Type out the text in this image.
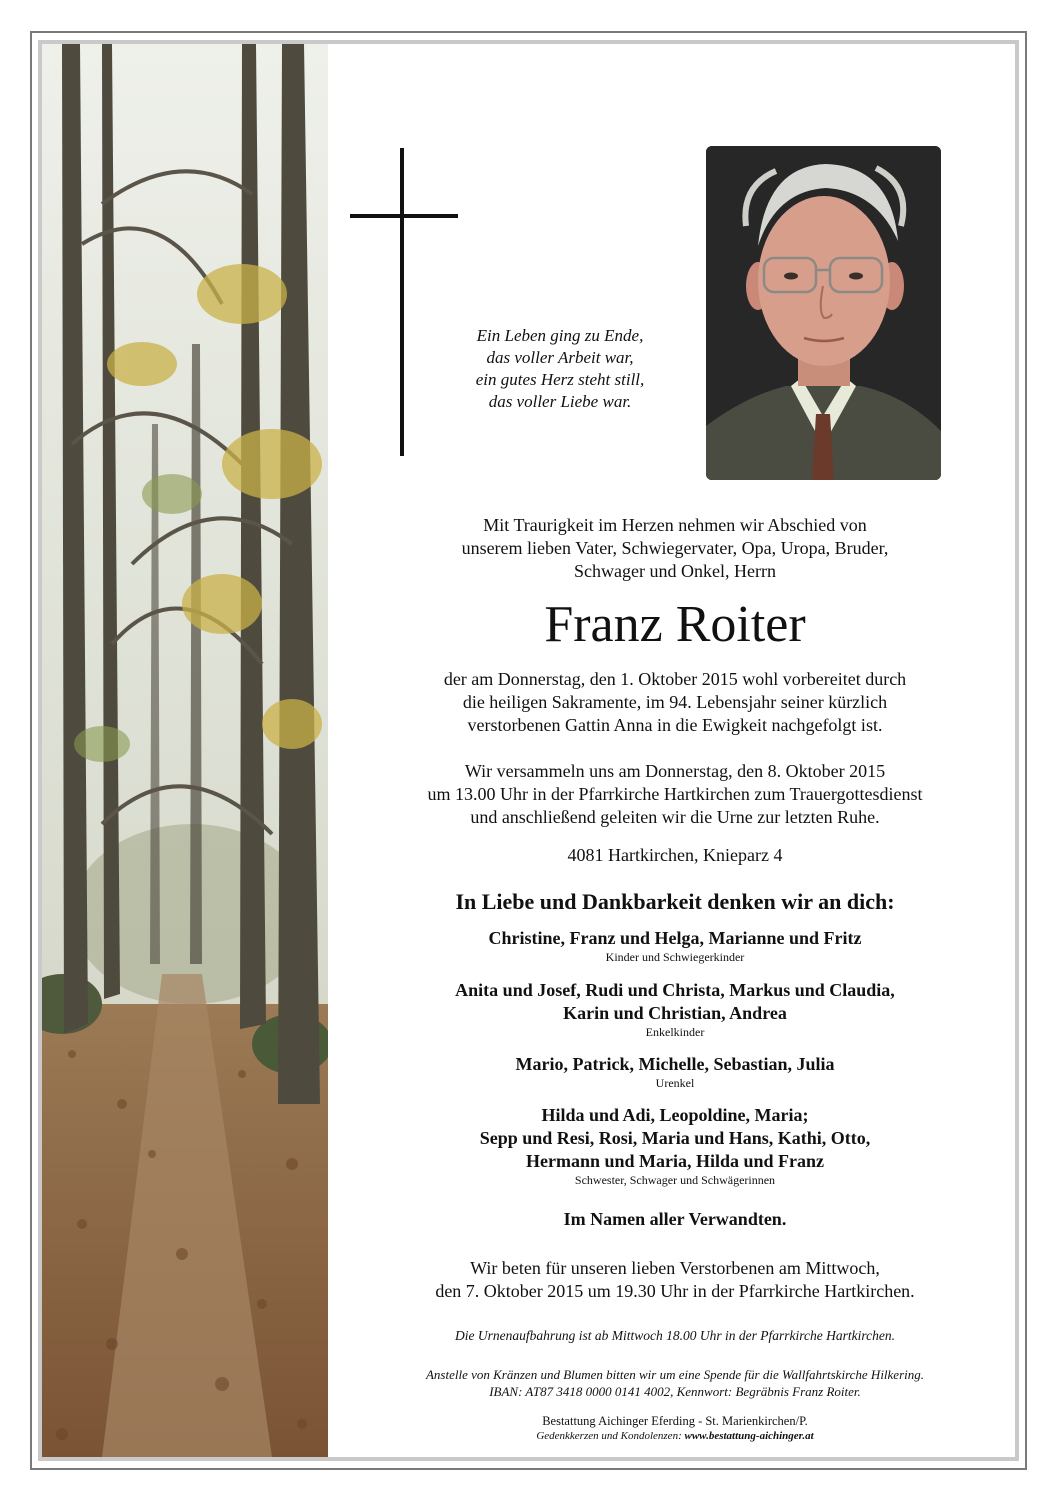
Ein Leben ging zu Ende,
das voller Arbeit war,
ein gutes Herz steht still,
das voller Liebe war.
Mit Traurigkeit im Herzen nehmen wir Abschied von
unserem lieben Vater, Schwiegervater, Opa, Uropa, Bruder,
Schwager und Onkel, Herrn
Franz Roiter
der am Donnerstag, den 1. Oktober 2015 wohl vorbereitet durch
die heiligen Sakramente, im 94. Lebensjahr seiner kürzlich
verstorbenen Gattin Anna in die Ewigkeit nachgefolgt ist.
Wir versammeln uns am Donnerstag, den 8. Oktober 2015
um 13.00 Uhr in der Pfarrkirche Hartkirchen zum Trauergottesdienst
und anschließend geleiten wir die Urne zur letzten Ruhe.
4081 Hartkirchen, Knieparz 4
In Liebe und Dankbarkeit denken wir an dich:
Christine, Franz und Helga, Marianne und Fritz
Kinder und Schwiegerkinder
Anita und Josef, Rudi und Christa, Markus und Claudia,
Karin und Christian, Andrea
Enkelkinder
Mario, Patrick, Michelle, Sebastian, Julia
Urenkel
Hilda und Adi, Leopoldine, Maria;
Sepp und Resi, Rosi, Maria und Hans, Kathi, Otto,
Hermann und Maria, Hilda und Franz
Schwester, Schwager und Schwägerinnen
Im Namen aller Verwandten.
Wir beten für unseren lieben Verstorbenen am Mittwoch,
den 7. Oktober 2015 um 19.30 Uhr in der Pfarrkirche Hartkirchen.
Die Urnenaufbahrung ist ab Mittwoch 18.00 Uhr in der Pfarrkirche Hartkirchen.
Anstelle von Kränzen und Blumen bitten wir um eine Spende für die Wallfahrtskirche Hilkering.
IBAN: AT87 3418 0000 0141 4002, Kennwort: Begräbnis Franz Roiter.
Bestattung Aichinger Eferding - St. Marienkirchen/P.
Gedenkkerzen und Kondolenzen: www.bestattung-aichinger.at
